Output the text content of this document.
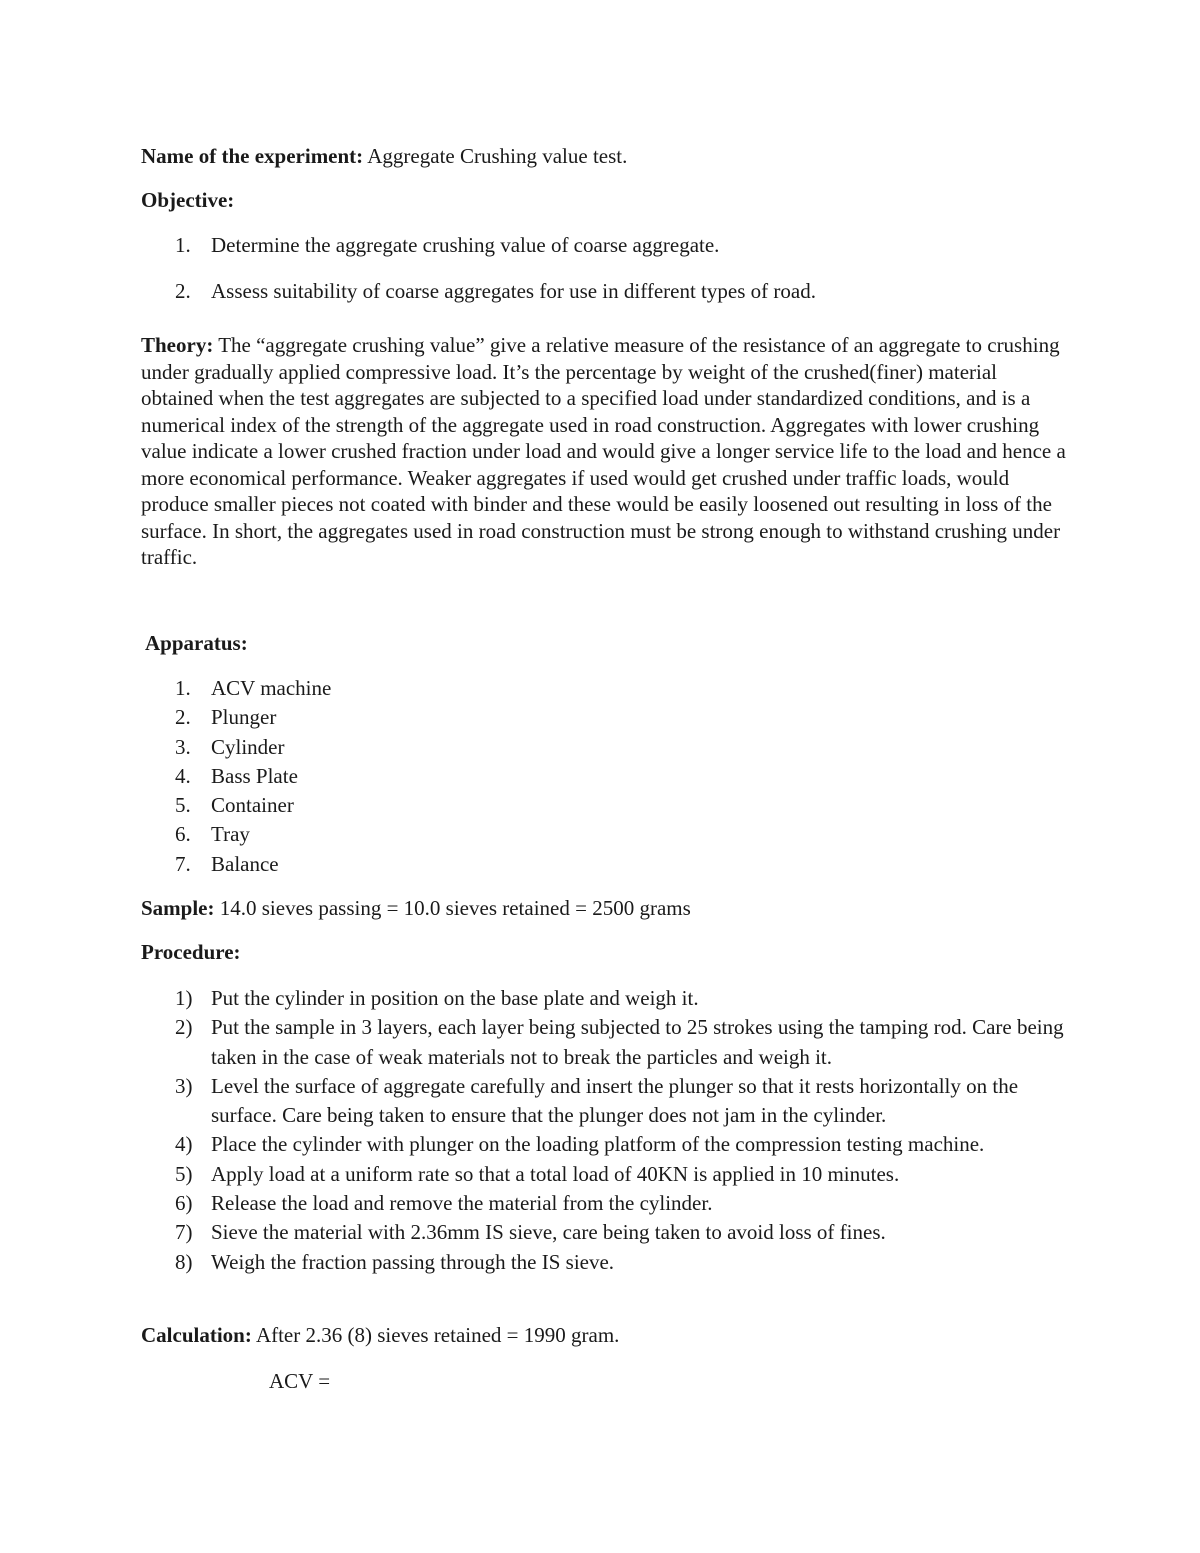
Name of the experiment: Aggregate Crushing value test.
Objective:
1. Determine the aggregate crushing value of coarse aggregate.
2. Assess suitability of coarse aggregates for use in different types of road.
Theory: The “aggregate crushing value” give a relative measure of the resistance of an aggregate to crushing under gradually applied compressive load. It’s the percentage by weight of the crushed(finer) material obtained when the test aggregates are subjected to a specified load under standardized conditions, and is a numerical index of the strength of the aggregate used in road construction. Aggregates with lower crushing value indicate a lower crushed fraction under load and would give a longer service life to the load and hence a more economical performance. Weaker aggregates if used would get crushed under traffic loads, would produce smaller pieces not coated with binder and these would be easily loosened out resulting in loss of the surface. In short, the aggregates used in road construction must be strong enough to withstand crushing under traffic.
Apparatus:
1. ACV machine
2. Plunger
3. Cylinder
4. Bass Plate
5. Container
6. Tray
7. Balance
Sample: 14.0 sieves passing = 10.0 sieves retained = 2500 grams
Procedure:
1) Put the cylinder in position on the base plate and weigh it.
2) Put the sample in 3 layers, each layer being subjected to 25 strokes using the tamping rod. Care being taken in the case of weak materials not to break the particles and weigh it.
3) Level the surface of aggregate carefully and insert the plunger so that it rests horizontally on the surface. Care being taken to ensure that the plunger does not jam in the cylinder.
4) Place the cylinder with plunger on the loading platform of the compression testing machine.
5) Apply load at a uniform rate so that a total load of 40KN is applied in 10 minutes.
6) Release the load and remove the material from the cylinder.
7) Sieve the material with 2.36mm IS sieve, care being taken to avoid loss of fines.
8) Weigh the fraction passing through the IS sieve.
Calculation: After 2.36 (8) sieves retained = 1990 gram.
ACV =
